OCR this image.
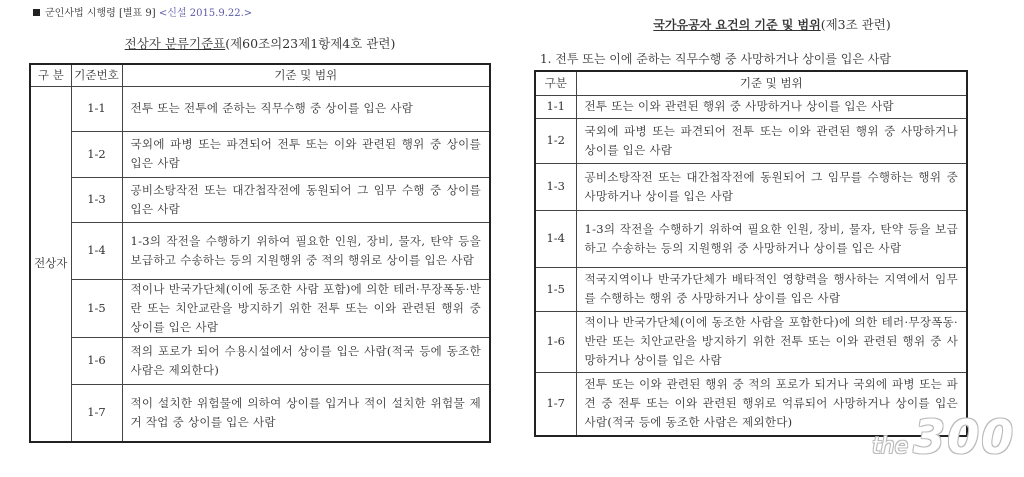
군인사법 시행령 [별표 9] <신설 2015.9.22.>
전상자 분류기준표(제60조의23제1항제4호 관련)
구 분	기준번호	기준 및 범위
전상자	1-1	전투 또는 전투에 준하는 직무수행 중 상이를 입은 사람
	1-2	국외에 파병 또는 파견되어 전투 또는 이와 관련된 행위 중 상이를 입은 사람
	1-3	공비소탕작전 또는 대간첩작전에 동원되어 그 임무 수행 중 상이를 입은 사람
	1-4	1-3의 작전을 수행하기 위하여 필요한 인원, 장비, 물자, 탄약 등을 보급하고 수송하는 등의 지원행위 중 적의 행위로 상이를 입은 사람
	1-5	적이나 반국가단체(이에 동조한 사람 포함)에 의한 테러·무장폭동·반란 또는 치안교란을 방지하기 위한 전투 또는 이와 관련된 행위 중 상이를 입은 사람
	1-6	적의 포로가 되어 수용시설에서 상이를 입은 사람(적국 등에 동조한 사람은 제외한다)
	1-7	적이 설치한 위험물에 의하여 상이를 입거나 적이 설치한 위험물 제거 작업 중 상이를 입은 사람
국가유공자 요건의 기준 및 범위(제3조 관련)
1. 전투 또는 이에 준하는 직무수행 중 사망하거나 상이를 입은 사람
구분	기준 및 범위
1-1	전투 또는 이와 관련된 행위 중 사망하거나 상이를 입은 사람
1-2	국외에 파병 또는 파견되어 전투 또는 이와 관련된 행위 중 사망하거나 상이를 입은 사람
1-3	공비소탕작전 또는 대간첩작전에 동원되어 그 임무를 수행하는 행위 중 사망하거나 상이를 입은 사람
1-4	1-3의 작전을 수행하기 위하여 필요한 인원, 장비, 물자, 탄약 등을 보급하고 수송하는 등의 지원행위 중 사망하거나 상이를 입은 사람
1-5	적국지역이나 반국가단체가 배타적인 영향력을 행사하는 지역에서 임무를 수행하는 행위 중 사망하거나 상이를 입은 사람
1-6	적이나 반국가단체(이에 동조한 사람을 포함한다)에 의한 테러·무장폭동·반란 또는 치안교란을 방지하기 위한 전투 또는 이와 관련된 행위 중 사망하거나 상이를 입은 사람
1-7	전투 또는 이와 관련된 행위 중 적의 포로가 되거나 국외에 파병 또는 파견 중 전투 또는 이와 관련된 행위로 억류되어 사망하거나 상이를 입은 사람(적국 등에 동조한 사람은 제외한다)
the 300
